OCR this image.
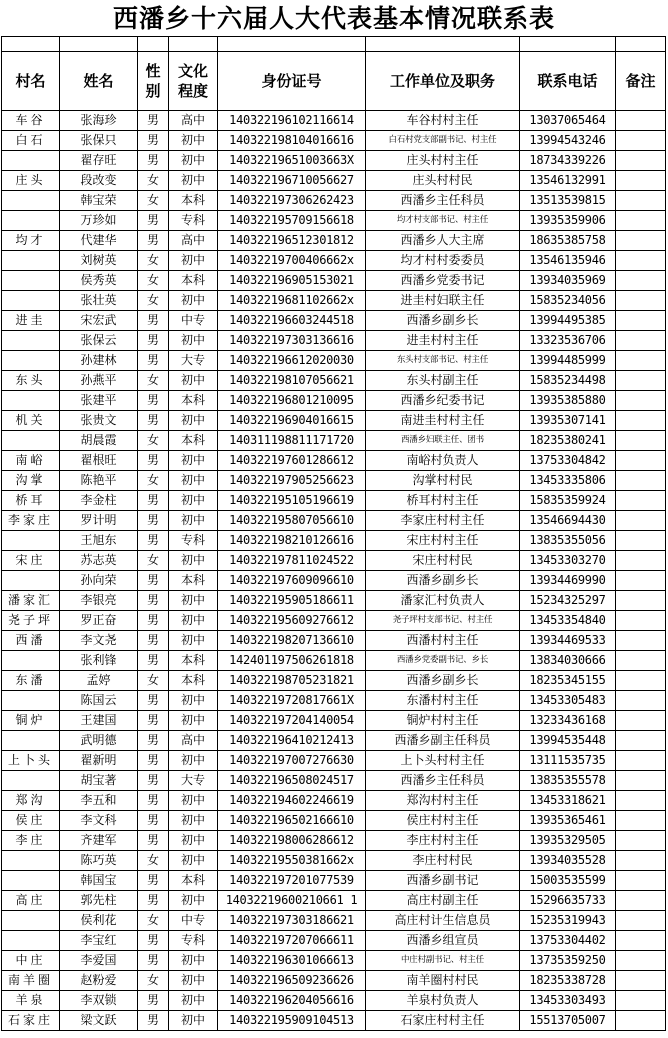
西潘乡十六届人大代表基本情况联系表

村名	姓名	性别	文化程度	身份证号	工作单位及职务	联系电话	备注
车谷	张海珍	男	高中	140322196102116614	车谷村村主任	13037065464	
白石	张保只	男	初中	140322198104016616	白石村党支部副书记、村主任	13994543246	
	翟存旺	男	初中	14032219651003663X	庄头村村主任	18734339226	
庄头	段改变	女	初中	140322196710056627	庄头村村民	13546132991	
	韩宝荣	女	本科	140322197306262423	西潘乡主任科员	13513539815	
	万珍如	男	专科	140322195709156618	均才村支部书记、村主任	13935359906	
均才	代建华	男	高中	140322196512301812	西潘乡人大主席	18635385758	
	刘树英	女	初中	14032219700406662x	均才村村委委员	13546135946	
	侯秀英	女	本科	140322196905153021	西潘乡党委书记	13934035969	
	张壮英	女	初中	14032219681102662x	进圭村妇联主任	15835234056	
进圭	宋宏武	男	中专	140322196603244518	西潘乡副乡长	13994495385	
	张保云	男	初中	140322197303136616	进圭村村主任	13323536706	
	孙建林	男	大专	140322196612020030	东头村支部书记、村主任	13994485999	
东头	孙燕平	女	初中	140322198107056621	东头村副主任	15835234498	
	张建平	男	本科	140322196801210095	西潘乡纪委书记	13935385880	
机关	张贵文	男	初中	140322196904016615	南进圭村村主任	13935307141	
	胡晨霞	女	本科	140311198811171720	西潘乡妇联主任、团书	18235380241	
南峪	翟根旺	男	初中	140322197601286612	南峪村负责人	13753304842	
沟掌	陈艳平	女	初中	140322197905256623	沟掌村村民	13453335806	
桥耳	李金柱	男	初中	140322195105196619	桥耳村村主任	15835359924	
李家庄	罗计明	男	初中	140322195807056610	李家庄村村主任	13546694430	
	王旭东	男	专科	140322198210126616	宋庄村村主任	13835355056	
宋庄	苏志英	女	初中	140322197811024522	宋庄村村民	13453303270	
	孙向荣	男	本科	140322197609096610	西潘乡副乡长	13934469990	
潘家汇	李银亮	男	初中	140322195905186611	潘家汇村负责人	15234325297	
尧子坪	罗正奋	男	初中	140322195609276612	尧子坪村支部书记、村主任	13453354840	
西潘	李文尧	男	初中	140322198207136610	西潘村村主任	13934469533	
	张利锋	男	本科	142401197506261818	西潘乡党委副书记、乡长	13834030666	
东潘	孟婷	女	本科	140322198705231821	西潘乡副乡长	18235345155	
	陈国云	男	初中	14032219720817661X	东潘村村主任	13453305483	
铜炉	王建国	男	初中	140322197204140054	铜炉村村主任	13233436168	
	武明德	男	高中	140322196410212413	西潘乡副主任科员	13994535448	
上卜头	翟新明	男	初中	140322197007276630	上卜头村村主任	13111535735	
	胡宝著	男	大专	140322196508024517	西潘乡主任科员	13835355578	
郑沟	李五和	男	初中	140322194602246619	郑沟村村主任	13453318621	
侯庄	李文科	男	初中	140322196502166610	侯庄村村主任	13935365461	
李庄	齐建军	男	初中	140322198006286612	李庄村村主任	13935329505	
	陈巧英	女	初中	14032219550381662x	李庄村村民	13934035528	
	韩国宝	男	本科	140322197201077539	西潘乡副书记	15003535599	
高庄	郭先柱	男	初中	14032219600210661 1	高庄村副主任	15296635733	
	侯利花	女	中专	140322197303186621	高庄村计生信息员	15235319943	
	李宝红	男	专科	140322197207066611	西潘乡组宣员	13753304402	
中庄	李爱国	男	初中	140322196301066613	中庄村副书记、村主任	13735359250	
南羊圈	赵粉爱	女	初中	140322196509236626	南羊圈村村民	18235338728	
羊泉	李双锁	男	初中	140322196204056616	羊泉村负责人	13453303493	
石家庄	梁文跃	男	初中	140322195909104513	石家庄村村主任	15513705007	
